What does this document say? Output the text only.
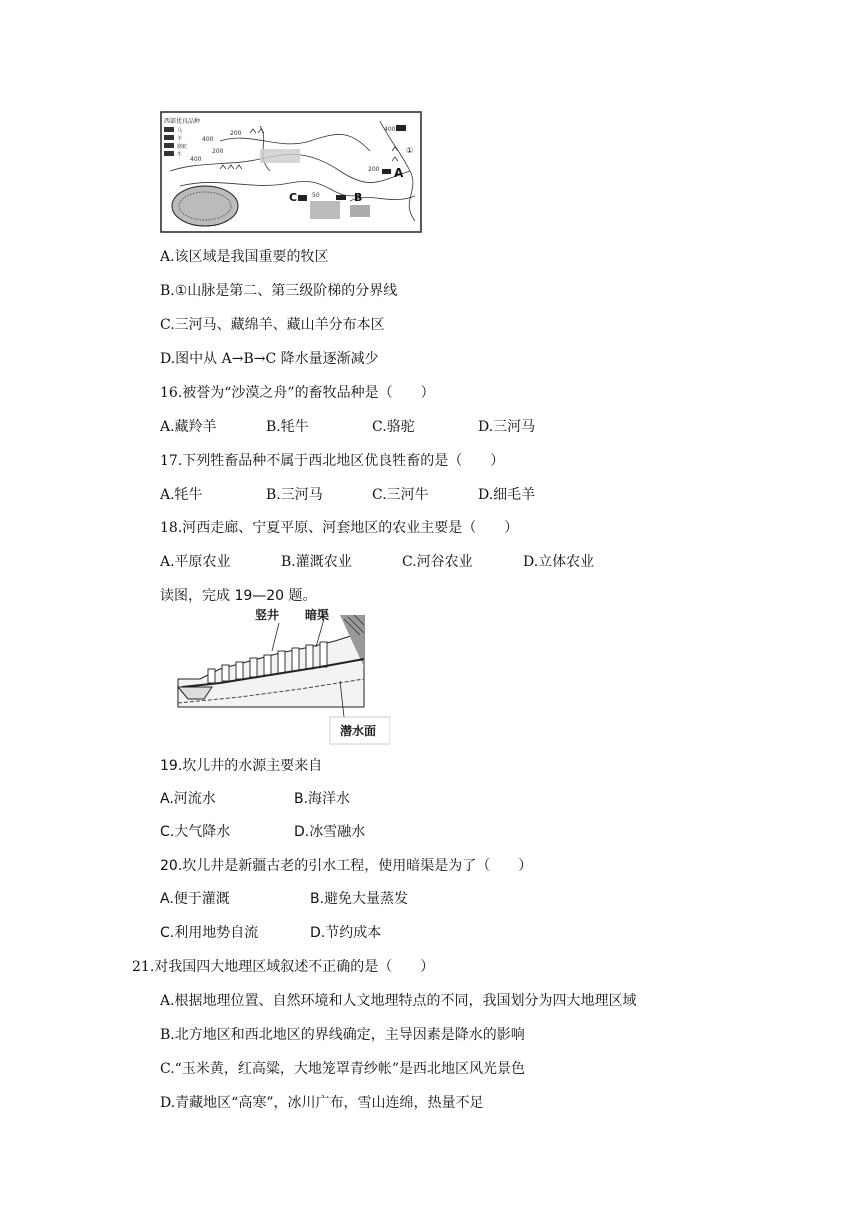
西部优良品种
马
羊
骆驼
牛
400
200
200
400
50
200
400
A
B
C
①
A.该区域是我国重要的牧区
B.①山脉是第二、第三级阶梯的分界线
C.三河马、藏绵羊、藏山羊分布本区
D.图中从 A→B→C 降水量逐渐减少
16.被誉为“沙漠之舟”的畜牧品种是（　　）
A.藏羚羊	B.牦牛	C.骆驼	D.三河马
17.下列牲畜品种不属于西北地区优良牲畜的是（　　）
A.牦牛	B.三河马	C.三河牛	D.细毛羊
18.河西走廊、宁夏平原、河套地区的农业主要是（　　）
A.平原农业	B.灌溉农业	C.河谷农业	D.立体农业
读图，完成 19—20 题。
竖井 暗渠
潜水面
19.坎儿井的水源主要来自
A.河流水	B.海洋水
C.大气降水	D.冰雪融水
20.坎儿井是新疆古老的引水工程，使用暗渠是为了（　　）
A.便于灌溉	B.避免大量蒸发
C.利用地势自流	D.节约成本
21.对我国四大地理区域叙述不正确的是（　　）
A.根据地理位置、自然环境和人文地理特点的不同，我国划分为四大地理区域
B.北方地区和西北地区的界线确定，主导因素是降水的影响
C.“玉米黄，红高粱，大地笼罩青纱帐”是西北地区风光景色
D.青藏地区“高寒”，冰川广布，雪山连绵，热量不足
